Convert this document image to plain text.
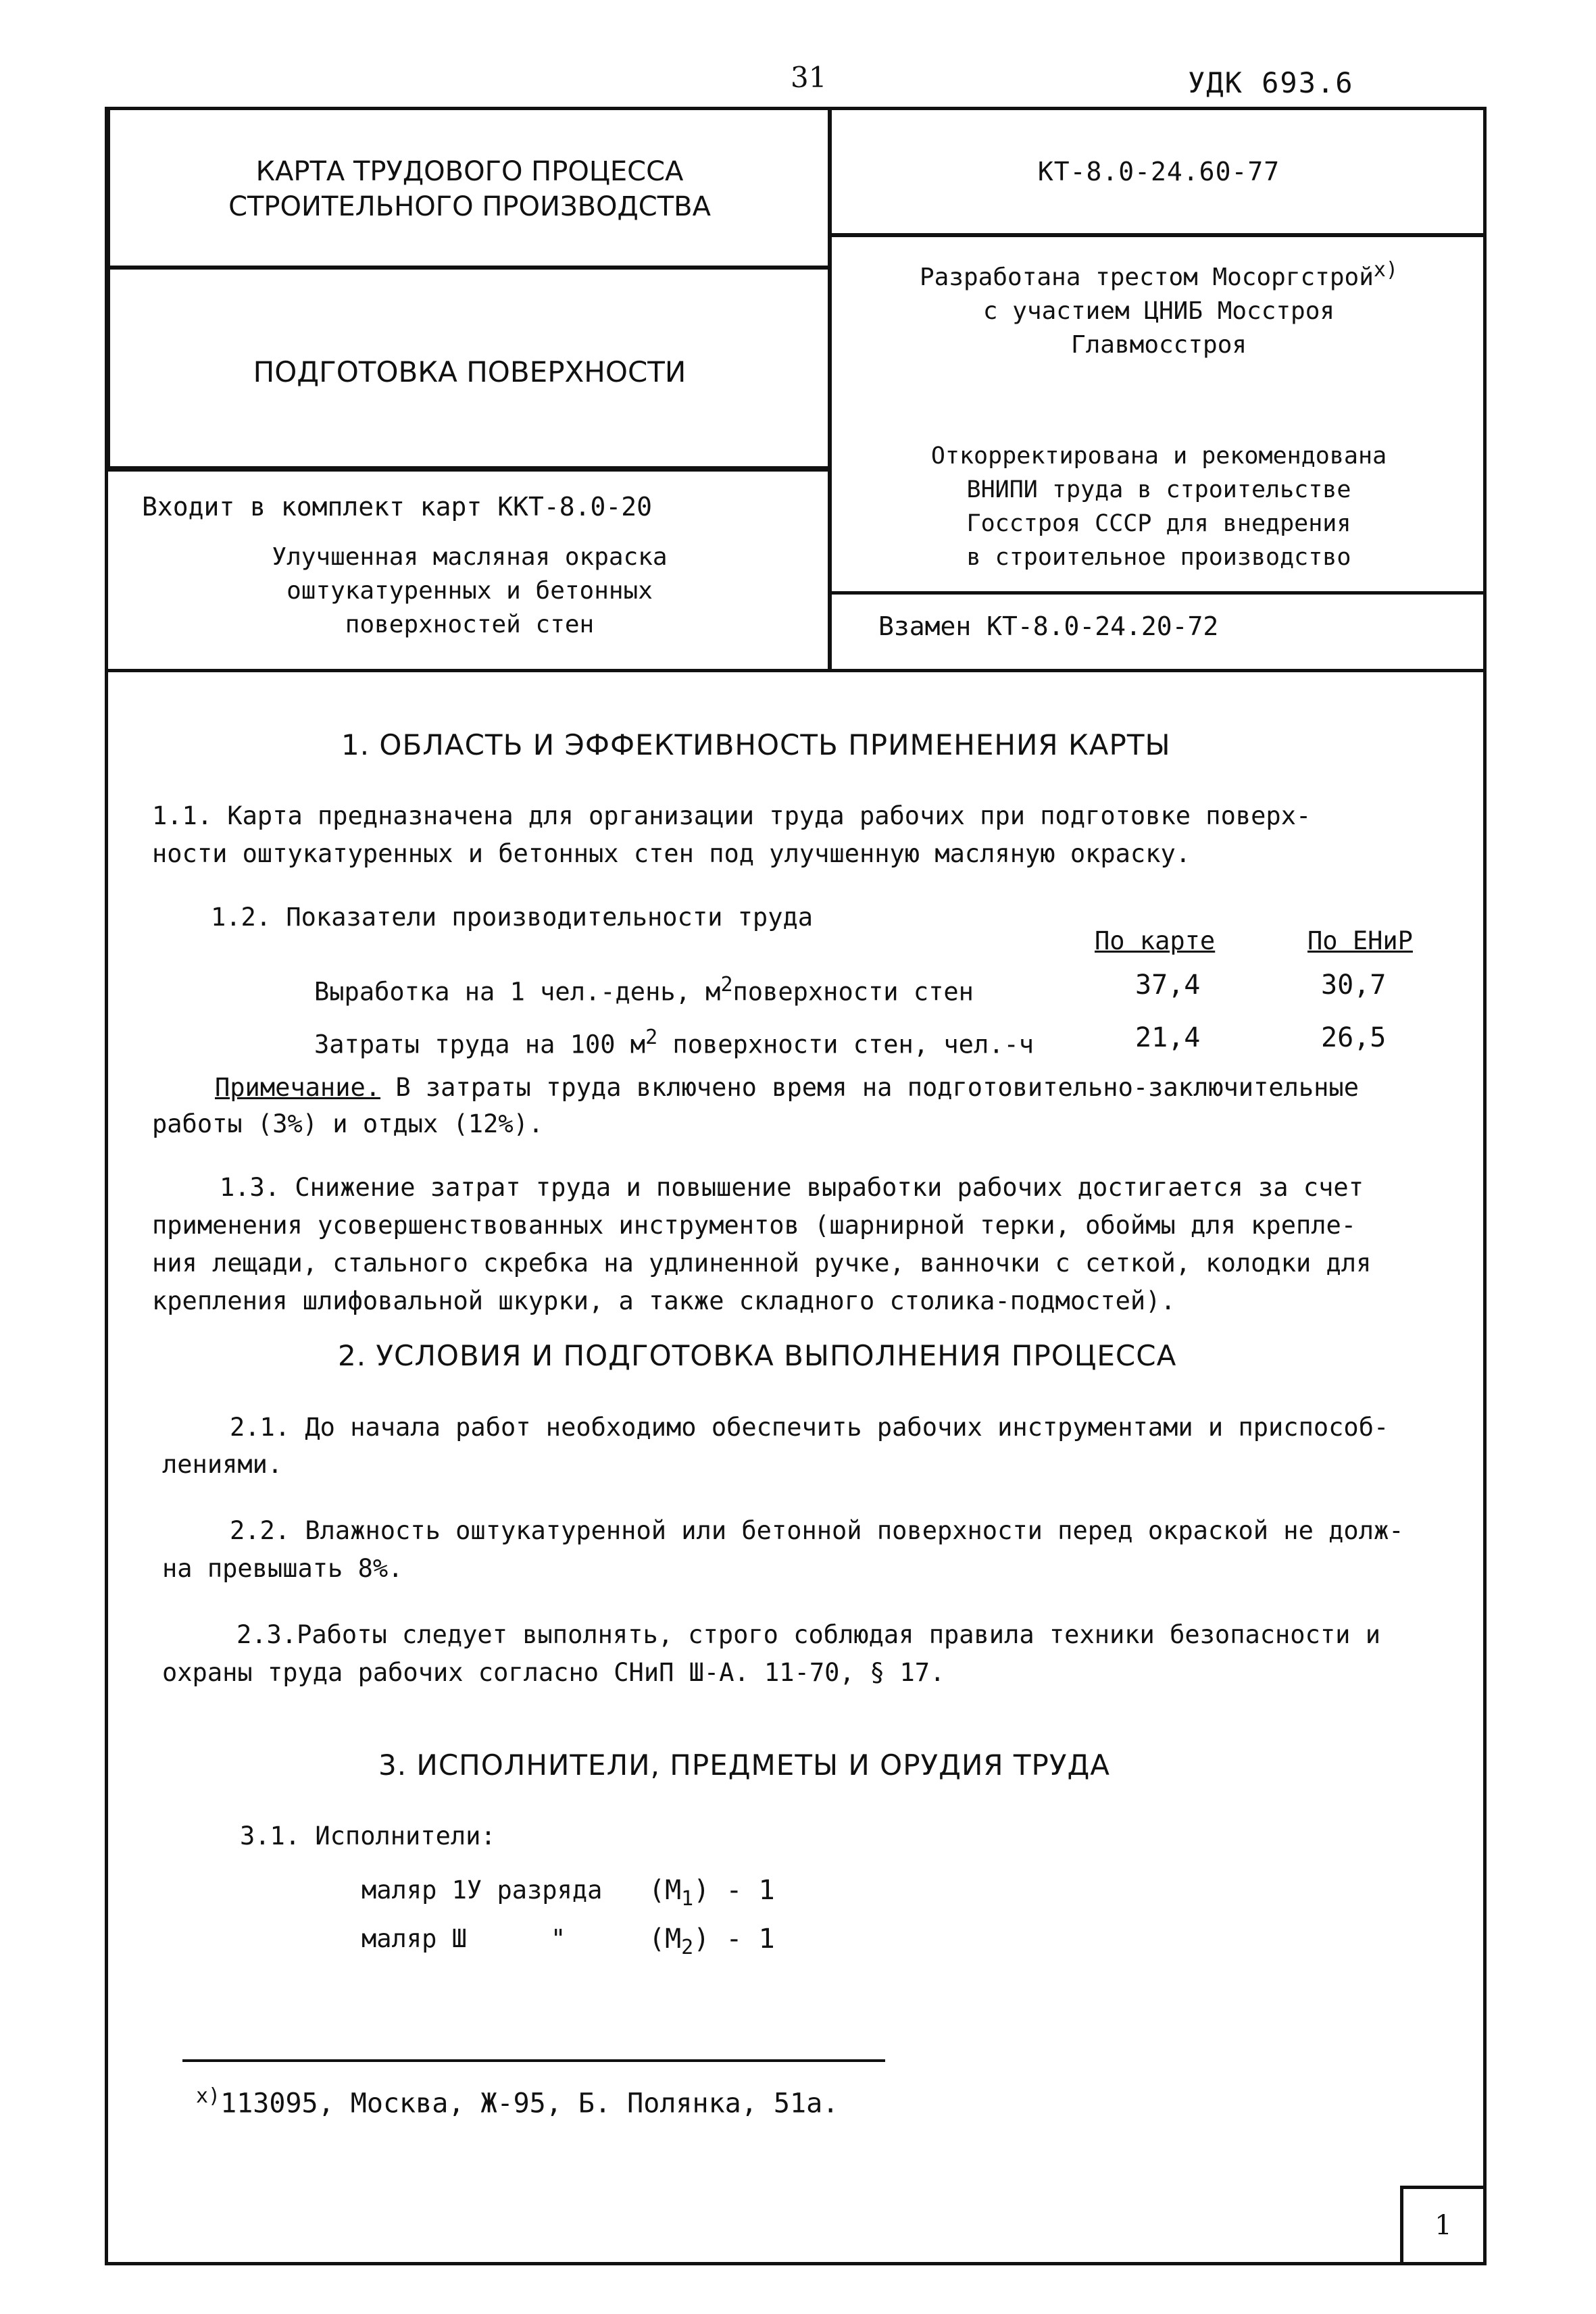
31	УДК 693.6
КАРТА ТРУДОВОГО ПРОЦЕССА
СТРОИТЕЛЬНОГО ПРОИЗВОДСТВА
ПОДГОТОВКА ПОВЕРХНОСТИ
Входит в комплект карт ККТ-8.0-20
Улучшенная масляная окраска
оштукатуренных и бетонных
поверхностей стен
КТ-8.0-24.60-77
Разработана трестом Мосоргстрой$^{x)}$
с участием ЦНИБ Мосстроя
Главмосстроя
Откорректирована и рекомендована
ВНИПИ труда в строительстве
Госстроя СССР для внедрения
в строительное производство
Взамен КТ-8.0-24.20-72
1. ОБЛАСТЬ И ЭФФЕКТИВНОСТЬ ПРИМЕНЕНИЯ КАРТЫ
1.1. Карта предназначена для организации труда рабочих при подготовке поверх-
ности оштукатуренных и бетонных стен под улучшенную масляную окраску.
1.2. Показатели производительности труда
По карте	По ЕНиР
Выработка на 1 чел.-день, $м^2поверхности$ стен	37,4	30,7
Затраты труда на 100 $м^2$ поверхности стен, чел.-ч	21,4	26,5
Примечание. В затраты труда включено время на подготовительно-заключительные
работы (3%) и отдых (12%).
1.3. Снижение затрат труда и повышение выработки рабочих достигается за счет
применения усовершенствованных инструментов (шарнирной терки, обоймы для крепле-
ния лещади, стального скребка на удлиненной ручке, ванночки с сеткой, колодки для
крепления шлифовальной шкурки, а также складного столика-подмостей).
2. УСЛОВИЯ И ПОДГОТОВКА ВЫПОЛНЕНИЯ ПРОЦЕССА
2.1. До начала работ необходимо обеспечить рабочих инструментами и приспособ-
лениями.
2.2. Влажность оштукатуренной или бетонной поверхности перед окраской не долж-
на превышать 8%.
2.3.Работы следует выполнять, строго соблюдая правила техники безопасности и
охраны труда рабочих согласно СНиП Ш-А. 11-70, § 17.
3. ИСПОЛНИТЕЛИ, ПРЕДМЕТЫ И ОРУДИЯ ТРУДА
3.1. Исполнители:
маляр 1У разряда $(М_1) - 1$
маляр Ш	"	$(М_2) - 1$
$^{x)}$113095, Москва, Ж-95, Б. Полянка, 51а.
1
